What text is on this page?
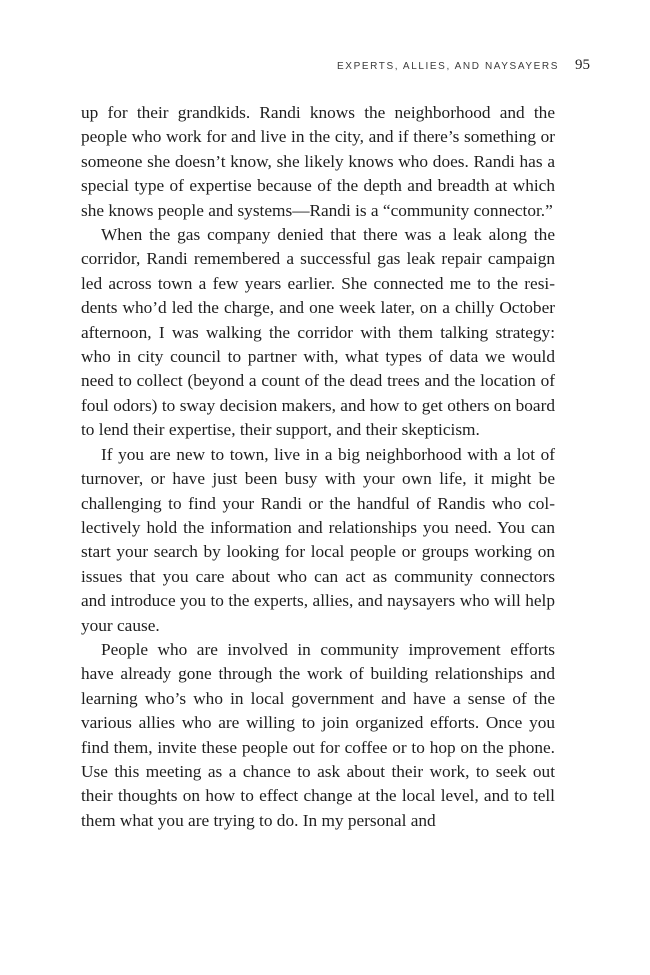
EXPERTS, ALLIES, AND NAYSAYERS 95

up for their grandkids. Randi knows the neighborhood and the people who work for and live in the city, and if there’s something or someone she doesn’t know, she likely knows who does. Randi has a special type of expertise because of the depth and breadth at which she knows people and systems—Randi is a “community connector.”

When the gas company denied that there was a leak along the corridor, Randi remembered a successful gas leak repair campaign led across town a few years earlier. She connected me to the residents who’d led the charge, and one week later, on a chilly October afternoon, I was walking the corridor with them talking strategy: who in city council to partner with, what types of data we would need to collect (beyond a count of the dead trees and the location of foul odors) to sway decision makers, and how to get others on board to lend their expertise, their support, and their skepticism.

If you are new to town, live in a big neighborhood with a lot of turnover, or have just been busy with your own life, it might be challenging to find your Randi or the handful of Randis who collectively hold the information and relationships you need. You can start your search by looking for local people or groups working on issues that you care about who can act as community connectors and introduce you to the experts, allies, and naysayers who will help your cause.

People who are involved in community improvement efforts have already gone through the work of building relationships and learning who’s who in local government and have a sense of the various allies who are willing to join organized efforts. Once you find them, invite these people out for coffee or to hop on the phone. Use this meeting as a chance to ask about their work, to seek out their thoughts on how to effect change at the local level, and to tell them what you are trying to do. In my personal and
